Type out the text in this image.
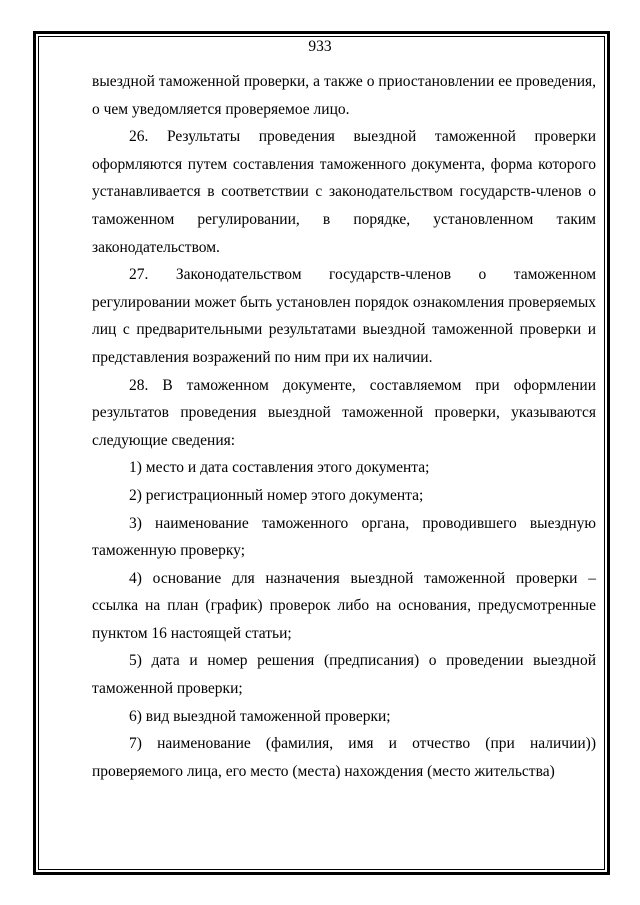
933

выездной таможенной проверки, а также о приостановлении ее проведения, о чем уведомляется проверяемое лицо.

26. Результаты проведения выездной таможенной проверки оформляются путем составления таможенного документа, форма которого устанавливается в соответствии с законодательством государств-членов о таможенном регулировании, в порядке, установленном таким законодательством.

27. Законодательством государств-членов о таможенном регулировании может быть установлен порядок ознакомления проверяемых лиц с предварительными результатами выездной таможенной проверки и представления возражений по ним при их наличии.

28. В таможенном документе, составляемом при оформлении результатов проведения выездной таможенной проверки, указываются следующие сведения:

1) место и дата составления этого документа;

2) регистрационный номер этого документа;

3) наименование таможенного органа, проводившего выездную таможенную проверку;

4) основание для назначения выездной таможенной проверки – ссылка на план (график) проверок либо на основания, предусмотренные пунктом 16 настоящей статьи;

5) дата и номер решения (предписания) о проведении выездной таможенной проверки;

6) вид выездной таможенной проверки;

7) наименование (фамилия, имя и отчество (при наличии)) проверяемого лица, его место (места) нахождения (место жительства)
